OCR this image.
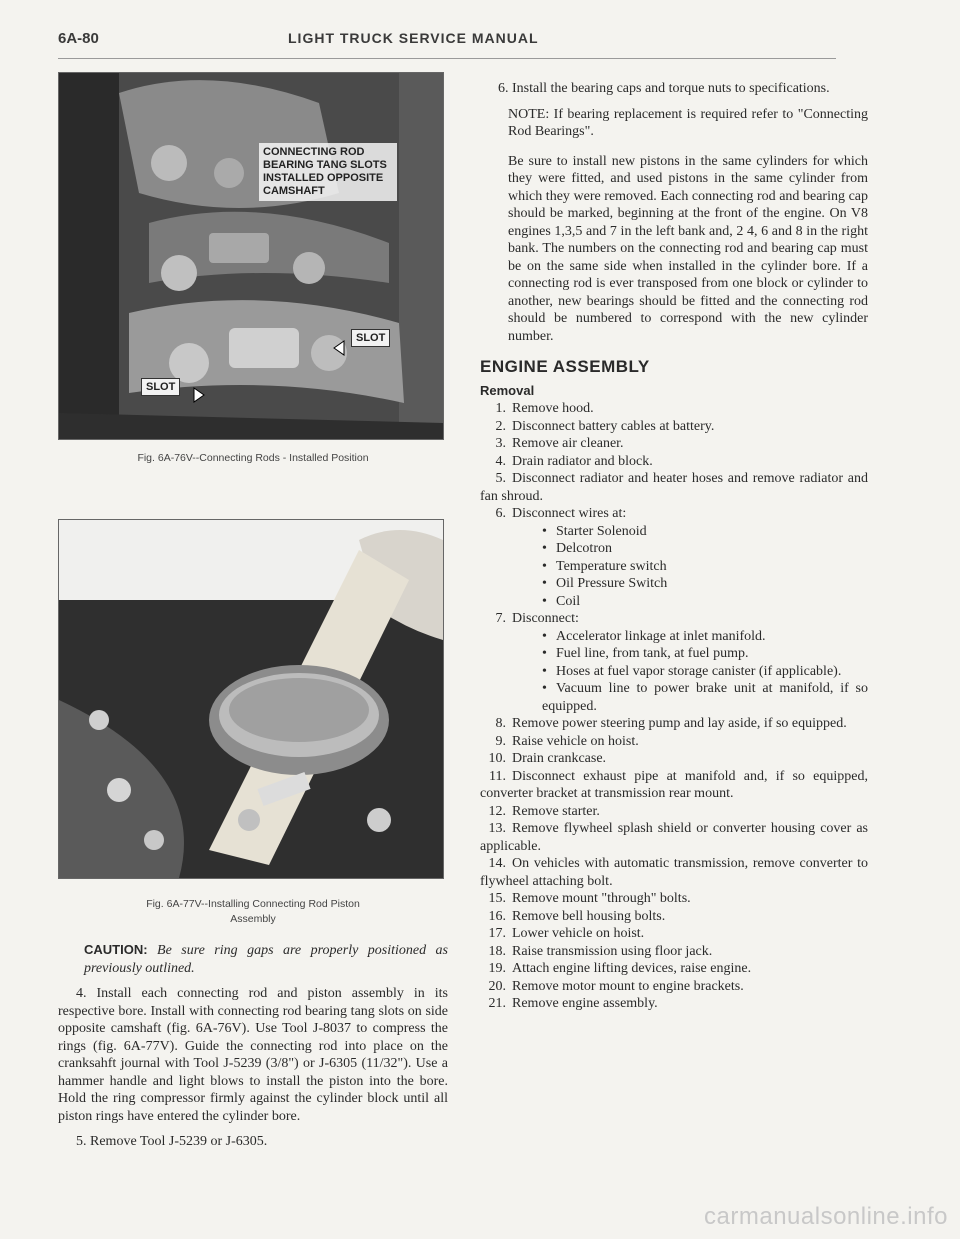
6A-80	LIGHT TRUCK SERVICE MANUAL
CONNECTING ROD BEARING TANG SLOTS INSTALLED OPPOSITE CAMSHAFT
SLOT
SLOT
Fig. 6A-76V--Connecting Rods - Installed Position
Fig. 6A-77V--Installing Connecting Rod Piston
Assembly

CAUTION: Be sure ring gaps are properly positioned as previously outlined.

4. Install each connecting rod and piston assembly in its respective bore. Install with connecting rod bearing tang slots on side opposite camshaft (fig. 6A-76V). Use Tool J-8037 to compress the rings (fig. 6A-77V). Guide the connecting rod into place on the cranksahft journal with Tool J-5239 (3/8") or J-6305 (11/32"). Use a hammer handle and light blows to install the piston into the bore. Hold the ring compressor firmly against the cylinder block until all piston rings have entered the cylinder bore.

5. Remove Tool J-5239 or J-6305.

6. Install the bearing caps and torque nuts to specifications.

NOTE: If bearing replacement is required refer to "Connecting Rod Bearings".

Be sure to install new pistons in the same cylinders for which they were fitted, and used pistons in the same cylinder from which they were removed. Each connecting rod and bearing cap should be marked, beginning at the front of the engine. On V8 engines 1,3,5 and 7 in the left bank and, 2 4, 6 and 8 in the right bank. The numbers on the connecting rod and bearing cap must be on the same side when installed in the cylinder bore. If a connecting rod is ever transposed from one block or cylinder to another, new bearings should be fitted and the connecting rod should be numbered to correspond with the new cylinder number.

ENGINE ASSEMBLY
Removal
1. Remove hood.
2. Disconnect battery cables at battery.
3. Remove air cleaner.
4. Drain radiator and block.
5. Disconnect radiator and heater hoses and remove radiator and fan shroud.
6. Disconnect wires at:
• Starter Solenoid
• Delcotron
• Temperature switch
• Oil Pressure Switch
• Coil
7. Disconnect:
• Accelerator linkage at inlet manifold.
• Fuel line, from tank, at fuel pump.
• Hoses at fuel vapor storage canister (if applicable).
• Vacuum line to power brake unit at manifold, if so equipped.
8. Remove power steering pump and lay aside, if so equipped.
9. Raise vehicle on hoist.
10. Drain crankcase.
11. Disconnect exhaust pipe at manifold and, if so equipped, converter bracket at transmission rear mount.
12. Remove starter.
13. Remove flywheel splash shield or converter housing cover as applicable.
14. On vehicles with automatic transmission, remove converter to flywheel attaching bolt.
15. Remove mount "through" bolts.
16. Remove bell housing bolts.
17. Lower vehicle on hoist.
18. Raise transmission using floor jack.
19. Attach engine lifting devices, raise engine.
20. Remove motor mount to engine brackets.
21. Remove engine assembly.
carmanualsonline.info
